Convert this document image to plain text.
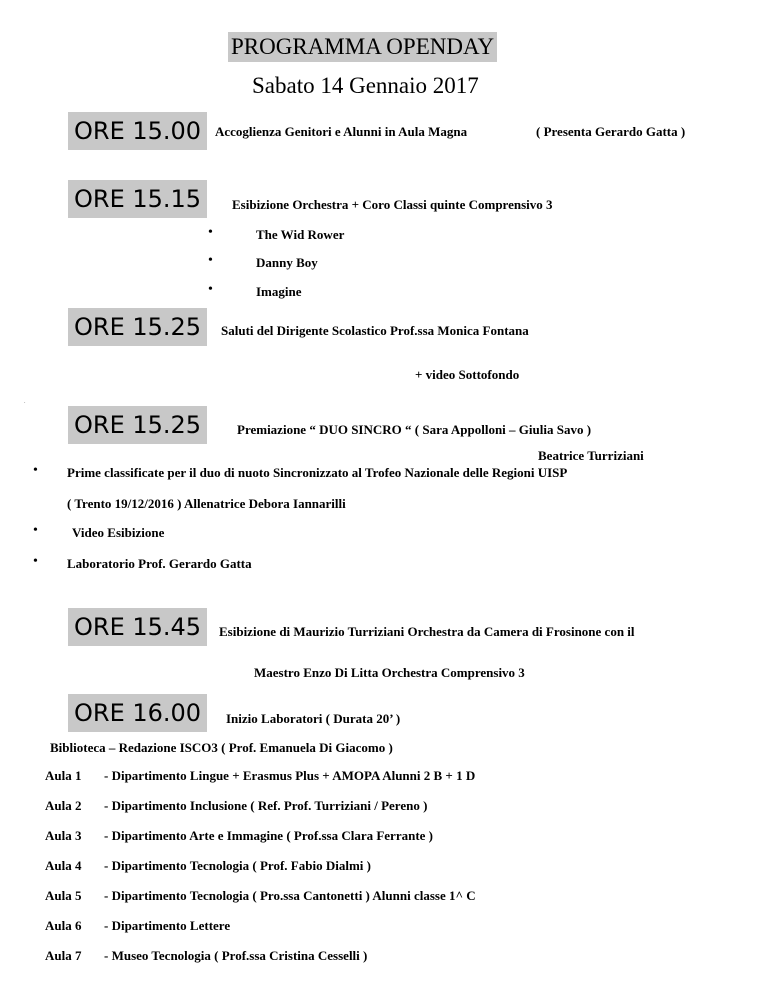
PROGRAMMA OPENDAY
Sabato 14 Gennaio 2017
ORE 15.00	Accoglienza Genitori e Alunni in Aula Magna	( Presenta Gerardo Gatta )
ORE 15.15	Esibizione Orchestra + Coro Classi quinte Comprensivo 3
•	The Wid Rower
•	Danny Boy
•	Imagine
ORE 15.25	Saluti del Dirigente Scolastico Prof.ssa Monica Fontana
+ video Sottofondo
.
ORE 15.25	Premiazione “ DUO SINCRO “ ( Sara Appolloni – Giulia Savo )
Beatrice Turriziani
• Prime classificate per il duo di nuoto Sincronizzato al Trofeo Nazionale delle Regioni UISP
( Trento 19/12/2016 ) Allenatrice Debora Iannarilli
•	Video Esibizione
• Laboratorio Prof. Gerardo Gatta
ORE 15.45	Esibizione di Maurizio Turriziani Orchestra da Camera di Frosinone con il
Maestro Enzo Di Litta Orchestra Comprensivo 3
ORE 16.00	Inizio Laboratori ( Durata 20’ )
Biblioteca – Redazione ISCO3 ( Prof. Emanuela Di Giacomo )
Aula 1 - Dipartimento Lingue + Erasmus Plus + AMOPA Alunni 2 B + 1 D
Aula 2 - Dipartimento Inclusione ( Ref. Prof. Turriziani / Pereno )
Aula 3 - Dipartimento Arte e Immagine ( Prof.ssa Clara Ferrante )
Aula 4 - Dipartimento Tecnologia ( Prof. Fabio Dialmi )
Aula 5 - Dipartimento Tecnologia ( Pro.ssa Cantonetti ) Alunni classe 1^ C
Aula 6 - Dipartimento Lettere
Aula 7 - Museo Tecnologia ( Prof.ssa Cristina Cesselli )
